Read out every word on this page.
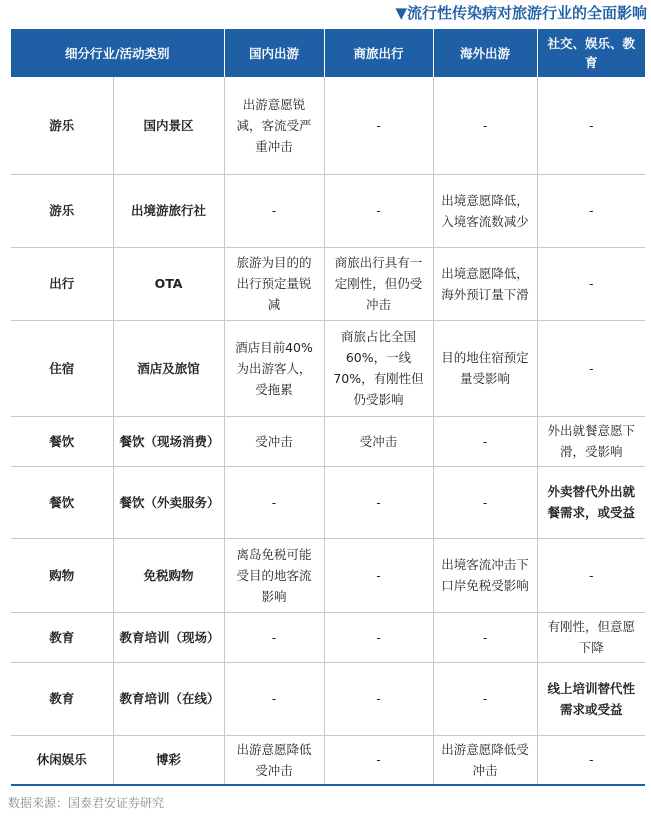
▼流行性传染病对旅游行业的全面影响
细分行业/活动类别		国内出游	商旅出行	海外出游	社交、娱乐、教育
游乐	国内景区	出游意愿锐减，客流受严重冲击	-	-	-
游乐	出境游旅行社	-	-	出境意愿降低，入境客流数减少	-
出行	OTA	旅游为目的的出行预定量锐减	商旅出行具有一定刚性，但仍受冲击	出境意愿降低，海外预订量下滑	-
住宿	酒店及旅馆	酒店目前40%为出游客人，受拖累	商旅占比全国60%，一线70%，有刚性但仍受影响	目的地住宿预定量受影响	-
餐饮	餐饮（现场消费）	受冲击	受冲击	-	外出就餐意愿下滑，受影响
餐饮	餐饮（外卖服务）	-	-	-	外卖替代外出就餐需求，或受益
购物	免税购物	离岛免税可能受目的地客流影响	-	出境客流冲击下口岸免税受影响	-
教育	教育培训（现场）	-	-	-	有刚性，但意愿下降
教育	教育培训（在线）	-	-	-	线上培训替代性需求或受益
休闲娱乐	博彩	出游意愿降低受冲击	-	出游意愿降低受冲击	-
数据来源：国泰君安证券研究
